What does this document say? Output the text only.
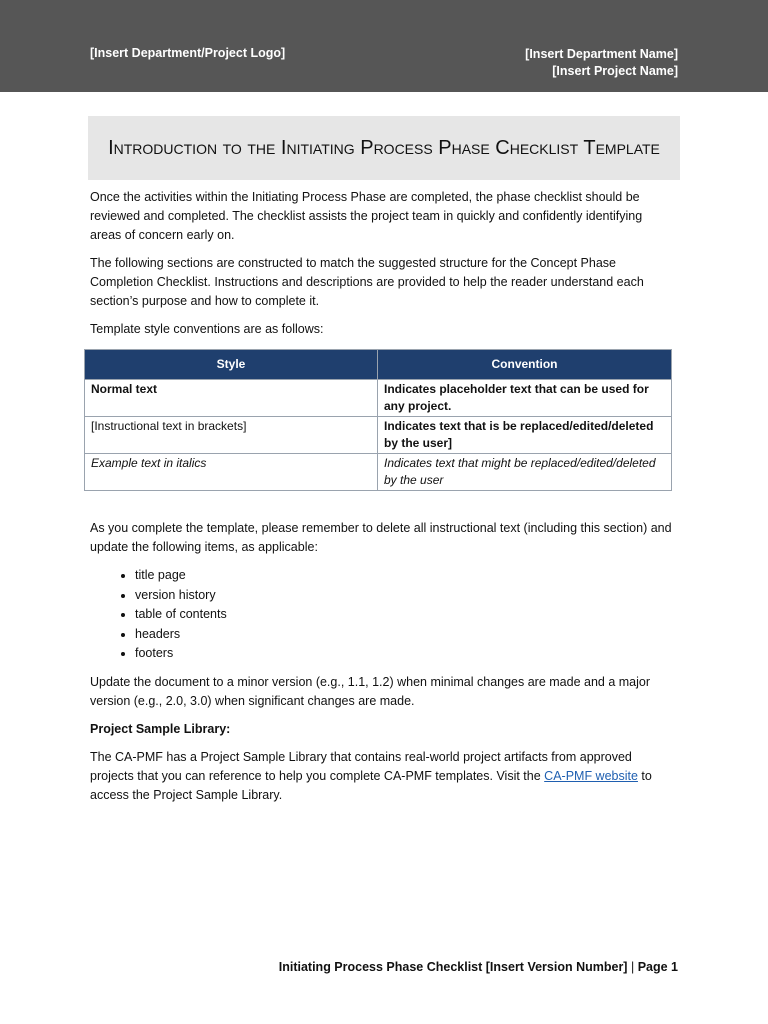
[Insert Department/Project Logo]	[Insert Department Name]
[Insert Project Name]
Introduction to the Initiating Process Phase Checklist Template

Once the activities within the Initiating Process Phase are completed, the phase checklist should be reviewed and completed. The checklist assists the project team in quickly and confidently identifying areas of concern early on.

The following sections are constructed to match the suggested structure for the Concept Phase Completion Checklist. Instructions and descriptions are provided to help the reader understand each section’s purpose and how to complete it.

Template style conventions are as follows:

Style	Convention
Normal text	Indicates placeholder text that can be used for any project.
[Instructional text in brackets]	Indicates text that is be replaced/edited/deleted by the user]
Example text in italics	Indicates text that might be replaced/edited/deleted by the user

As you complete the template, please remember to delete all instructional text (including this section) and update the following items, as applicable:

• title page
• version history
• table of contents
• headers
• footers

Update the document to a minor version (e.g., 1.1, 1.2) when minimal changes are made and a major version (e.g., 2.0, 3.0) when significant changes are made.

Project Sample Library:

The CA-PMF has a Project Sample Library that contains real-world project artifacts from approved projects that you can reference to help you complete CA-PMF templates. Visit the CA-PMF website to access the Project Sample Library.

Initiating Process Phase Checklist [Insert Version Number] | Page 1
